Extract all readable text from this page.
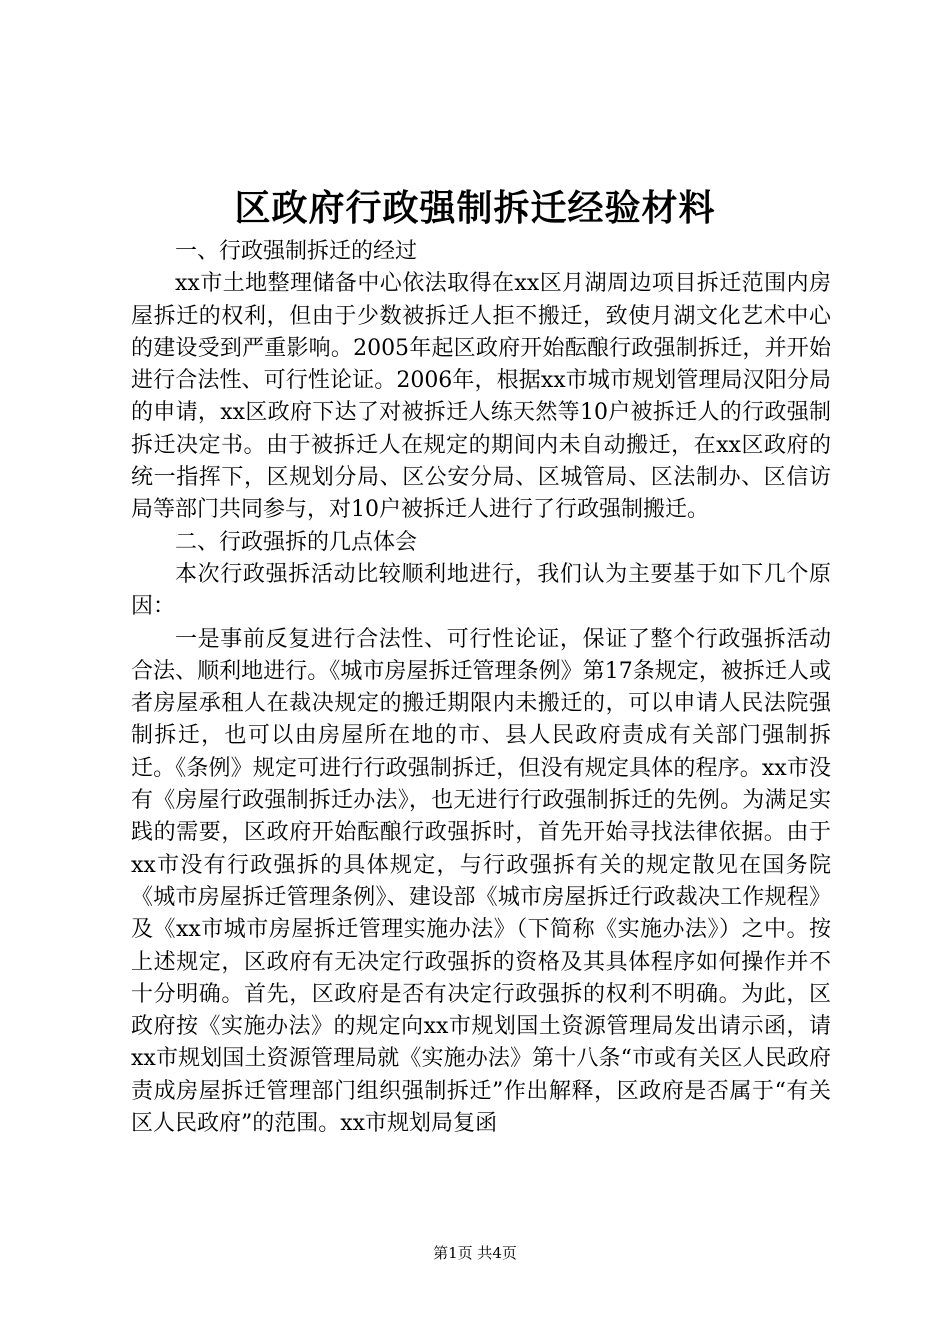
区政府行政强制拆迁经验材料

一、行政强制拆迁的经过

xx市土地整理储备中心依法取得在xx区月湖周边项目拆迁范围内房屋拆迁的权利，但由于少数被拆迁人拒不搬迁，致使月湖文化艺术中心的建设受到严重影响。2005年起区政府开始酝酿行政强制拆迁，并开始进行合法性、可行性论证。2006年，根据xx市城市规划管理局汉阳分局的申请，xx区政府下达了对被拆迁人练天然等10户被拆迁人的行政强制拆迁决定书。由于被拆迁人在规定的期间内未自动搬迁，在xx区政府的统一指挥下，区规划分局、区公安分局、区城管局、区法制办、区信访局等部门共同参与，对10户被拆迁人进行了行政强制搬迁。

二、行政强拆的几点体会

本次行政强拆活动比较顺利地进行，我们认为主要基于如下几个原因：

一是事前反复进行合法性、可行性论证，保证了整个行政强拆活动合法、顺利地进行。《城市房屋拆迁管理条例》第17条规定，被拆迁人或者房屋承租人在裁决规定的搬迁期限内未搬迁的，可以申请人民法院强制拆迁，也可以由房屋所在地的市、县人民政府责成有关部门强制拆迁。《条例》规定可进行行政强制拆迁，但没有规定具体的程序。xx市没有《房屋行政强制拆迁办法》，也无进行行政强制拆迁的先例。为满足实践的需要，区政府开始酝酿行政强拆时，首先开始寻找法律依据。由于xx市没有行政强拆的具体规定，与行政强拆有关的规定散见在国务院《城市房屋拆迁管理条例》、建设部《城市房屋拆迁行政裁决工作规程》及《xx市城市房屋拆迁管理实施办法》（下简称《实施办法》）之中。按上述规定，区政府有无决定行政强拆的资格及其具体程序如何操作并不十分明确。首先，区政府是否有决定行政强拆的权利不明确。为此，区政府按《实施办法》的规定向xx市规划国土资源管理局发出请示函，请xx市规划国土资源管理局就《实施办法》第十八条“市或有关区人民政府责成房屋拆迁管理部门组织强制拆迁”作出解释，区政府是否属于“有关区人民政府”的范围。xx市规划局复函

第1页 共4页
